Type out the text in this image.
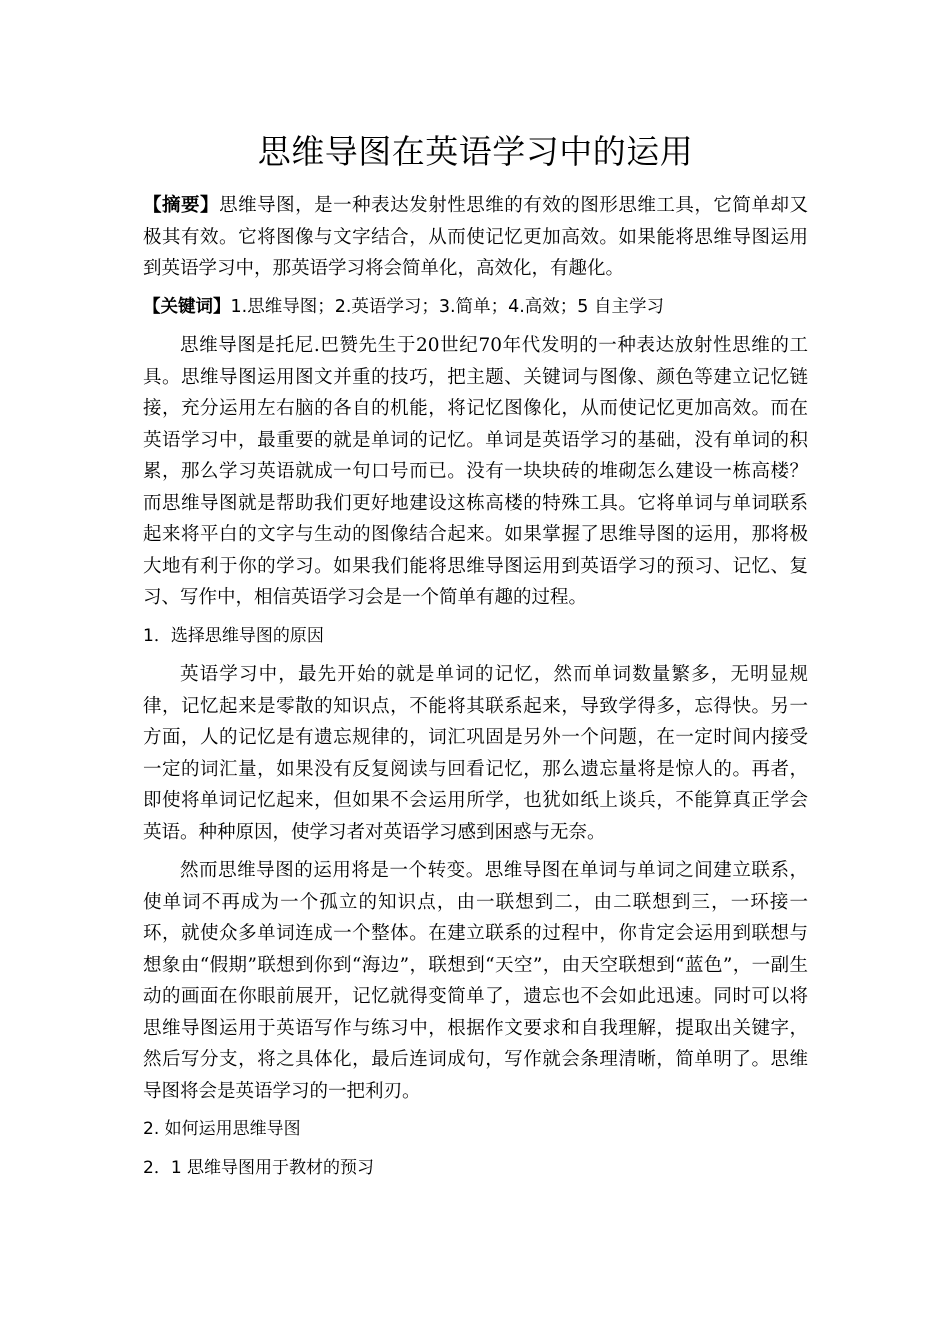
思维导图在英语学习中的运用

【摘要】思维导图，是一种表达发射性思维的有效的图形思维工具，它简单却又极其有效。它将图像与文字结合，从而使记忆更加高效。如果能将思维导图运用到英语学习中，那英语学习将会简单化，高效化，有趣化。

【关键词】1.思维导图；2.英语学习；3.简单；4.高效；5 自主学习

思维导图是托尼.巴赞先生于20世纪70年代发明的一种表达放射性思维的工具。思维导图运用图文并重的技巧，把主题、关键词与图像、颜色等建立记忆链接，充分运用左右脑的各自的机能，将记忆图像化，从而使记忆更加高效。而在英语学习中，最重要的就是单词的记忆。单词是英语学习的基础，没有单词的积累，那么学习英语就成一句口号而已。没有一块块砖的堆砌怎么建设一栋高楼？而思维导图就是帮助我们更好地建设这栋高楼的特殊工具。它将单词与单词联系起来将平白的文字与生动的图像结合起来。如果掌握了思维导图的运用，那将极大地有利于你的学习。如果我们能将思维导图运用到英语学习的预习、记忆、复习、写作中，相信英语学习会是一个简单有趣的过程。

1．选择思维导图的原因

英语学习中，最先开始的就是单词的记忆，然而单词数量繁多，无明显规律，记忆起来是零散的知识点，不能将其联系起来，导致学得多，忘得快。另一方面，人的记忆是有遗忘规律的，词汇巩固是另外一个问题，在一定时间内接受一定的词汇量，如果没有反复阅读与回看记忆，那么遗忘量将是惊人的。再者，即使将单词记忆起来，但如果不会运用所学，也犹如纸上谈兵，不能算真正学会英语。种种原因，使学习者对英语学习感到困惑与无奈。

然而思维导图的运用将是一个转变。思维导图在单词与单词之间建立联系，使单词不再成为一个孤立的知识点，由一联想到二，由二联想到三，一环接一环，就使众多单词连成一个整体。在建立联系的过程中，你肯定会运用到联想与想象由“假期”联想到你到“海边”，联想到“天空”，由天空联想到“蓝色”，一副生动的画面在你眼前展开，记忆就得变简单了，遗忘也不会如此迅速。同时可以将思维导图运用于英语写作与练习中，根据作文要求和自我理解，提取出关键字，然后写分支，将之具体化，最后连词成句，写作就会条理清晰，简单明了。思维导图将会是英语学习的一把利刃。

2. 如何运用思维导图
2．1 思维导图用于教材的预习
